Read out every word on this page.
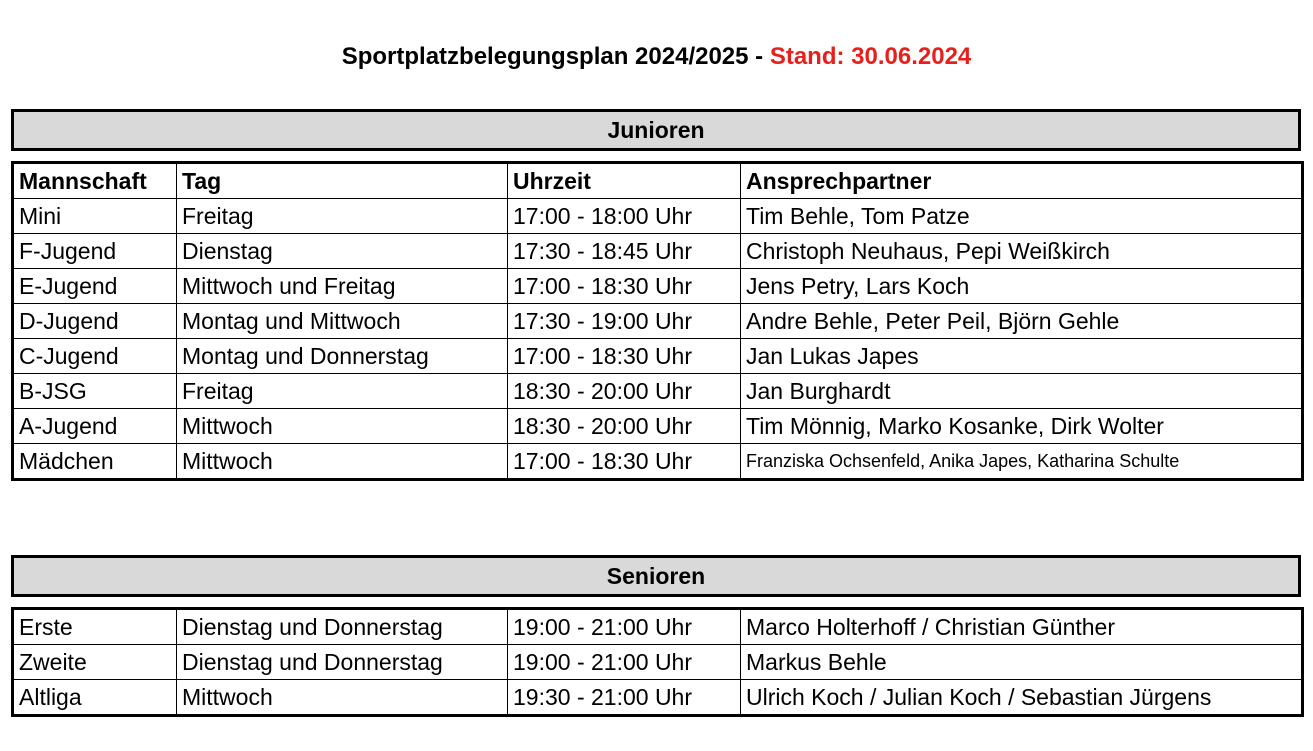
Sportplatzbelegungsplan 2024/2025 - Stand: 30.06.2024
Junioren
Mannschaft	Tag	Uhrzeit	Ansprechpartner
Mini	Freitag	17:00 - 18:00 Uhr	Tim Behle, Tom Patze
F-Jugend	Dienstag	17:30 - 18:45 Uhr	Christoph Neuhaus, Pepi Weißkirch
E-Jugend	Mittwoch und Freitag	17:00 - 18:30 Uhr	Jens Petry, Lars Koch
D-Jugend	Montag und Mittwoch	17:30 - 19:00 Uhr	Andre Behle, Peter Peil, Björn Gehle
C-Jugend	Montag und Donnerstag	17:00 - 18:30 Uhr	Jan Lukas Japes
B-JSG	Freitag	18:30 - 20:00 Uhr	Jan Burghardt
A-Jugend	Mittwoch	18:30 - 20:00 Uhr	Tim Mönnig, Marko Kosanke, Dirk Wolter
Mädchen	Mittwoch	17:00 - 18:30 Uhr	Franziska Ochsenfeld, Anika Japes, Katharina Schulte
Senioren
Erste	Dienstag und Donnerstag	19:00 - 21:00 Uhr	Marco Holterhoff / Christian Günther
Zweite	Dienstag und Donnerstag	19:00 - 21:00 Uhr	Markus Behle
Altliga	Mittwoch	19:30 - 21:00 Uhr	Ulrich Koch / Julian Koch / Sebastian Jürgens
